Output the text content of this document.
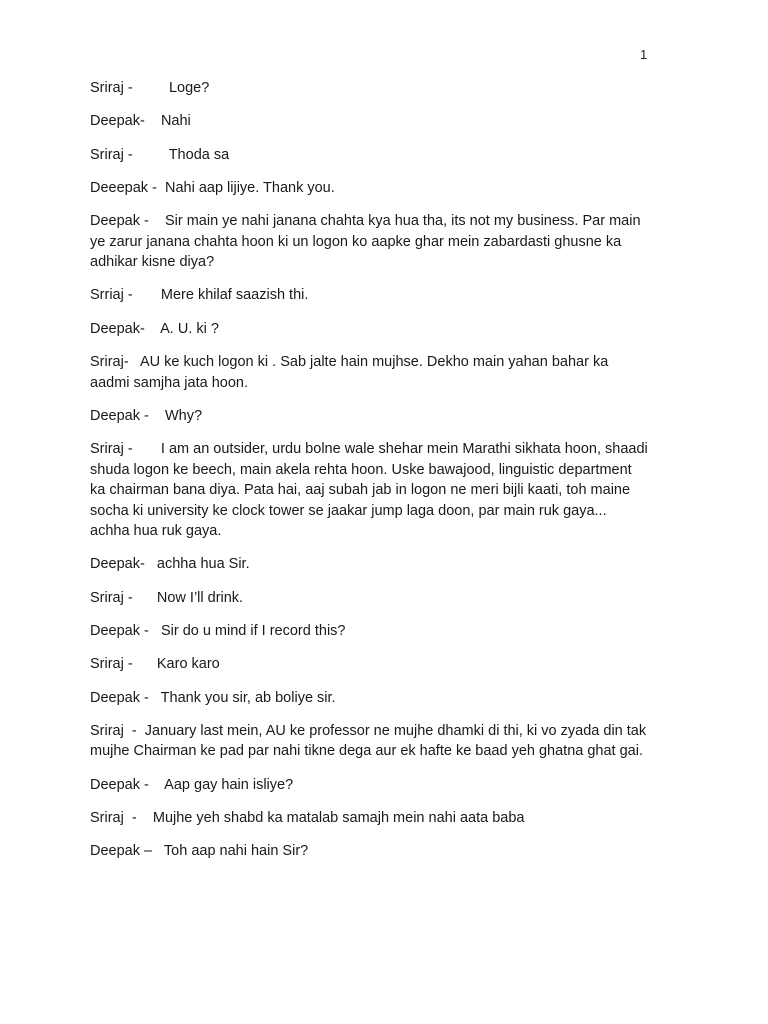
1

Sriraj -	Loge?

Deepak- Nahi

Sriraj - Thoda sa

Deeepak - Nahi aap lijiye. Thank you.

Deepak - Sir main ye nahi janana chahta kya hua tha, its not my business. Par main ye zarur janana chahta hoon ki un logon ko aapke ghar mein zabardasti ghusne ka adhikar kisne diya?

Srriaj - Mere khilaf saazish thi.

Deepak- A. U. ki ?

Sriraj- AU ke kuch logon ki . Sab jalte hain mujhse. Dekho main yahan bahar ka aadmi samjha jata hoon.

Deepak - Why?

Sriraj - I am an outsider, urdu bolne wale shehar mein Marathi sikhata hoon, shaadi shuda logon ke beech, main akela rehta hoon. Uske bawajood, linguistic department ka chairman bana diya. Pata hai, aaj subah jab in logon ne meri bijli kaati, toh maine socha ki university ke clock tower se jaakar jump laga doon, par main ruk gaya... achha hua ruk gaya.

Deepak- achha hua Sir.

Sriraj - Now I’ll drink.

Deepak - Sir do u mind if I record this?

Sriraj - Karo karo

Deepak - Thank you sir, ab boliye sir.

Sriraj  - January last mein, AU ke professor ne mujhe dhamki di thi, ki vo zyada din tak mujhe Chairman ke pad par nahi tikne dega aur ek hafte ke baad yeh ghatna ghat gai.

Deepak - Aap gay hain isliye?

Sriraj  - Mujhe yeh shabd ka matalab samajh mein nahi aata baba

Deepak – Toh aap nahi hain Sir?
